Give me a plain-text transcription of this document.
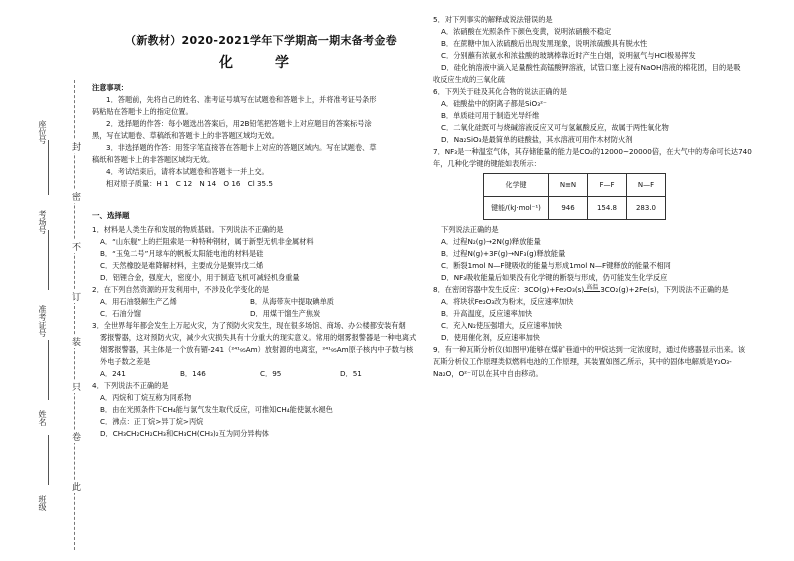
封
密
不
订
装
只
卷
此
座位号
考场号
准考证号
姓名
班级
（新教材）2020-2021学年下学期高一期末备考金卷
化　学

注意事项：

1．答题前，先将自己的姓名、准考证号填写在试题卷和答题卡上，并将准考证号条形

码粘贴在答题卡上的指定位置。

2．选择题的作答：每小题选出答案后，用2B铅笔把答题卡上对应题目的答案标号涂

黑，写在试题卷、草稿纸和答题卡上的非答题区域均无效。

3．非选择题的作答：用签字笔直接答在答题卡上对应的答题区域内。写在试题卷、草

稿纸和答题卡上的非答题区域均无效。

4．考试结束后，请将本试题卷和答题卡一并上交。

相对原子质量：H 1　C 12　N 14　O 16　Cl 35.5

一、选择题

1．材料是人类生存和发展的物质基础。下列说法不正确的是

A．“山东舰”上的拦阻索是一种特种钢材，属于新型无机非金属材料

B．“玉兔二号”月球车的帆板太阳能电池的材料是硅

C．天然橡胶是难降解材料，主要成分是聚异戊二烯

D．铝锂合金，强度大，密度小，用于制造飞机可减轻机身重量

2．在下列自然资源的开发利用中，不涉及化学变化的是

A．用石油裂解生产乙烯	B．从海带灰中提取碘单质
C．石油分馏	D．用煤干馏生产焦炭

3．全世界每年都会发生上万起火灾，为了预防火灾发生，现在很多场馆、商场、办公楼都安装有烟

雾报警器，这对预防火灾，减少火灾损失具有十分重大的现实意义。常用的烟雾报警器是一种电离式

烟雾报警器，其主体是一个放有镅-241（²⁴¹₉₅Am）放射源的电离室，²⁴¹₉₅Am原子核内中子数与核

外电子数之差是

A．241	B．146	C．95	D．51

4．下列说法不正确的是

A．丙烷和丁烷互称为同系物

B．由在光照条件下CH₄能与氯气发生取代反应，可推知CH₄能使氯水褪色

C．沸点：正丁烷>异丁烷>丙烷

D．CH₃CH₂CH₂CH₃和CH₃CH(CH₃)₂互为同分异构体

5．对下列事实的解释或说法错误的是

A．浓硝酸在光照条件下颜色变黄，说明浓硝酸不稳定

B．在蔗糖中加入浓硫酸后出现发黑现象，说明浓硫酸具有脱水性

C．分别蘸有浓氨水和浓盐酸的玻璃棒靠近时产生白烟，说明氨气与HCl极易挥发

D．硅化钠溶液中滴入足量酸性高锰酸钾溶液，试管口塞上浸有NaOH溶液的棉花团，目的是吸

收反应生成的三氧化硫

6．下列关于硅及其化合物的说法正确的是

A．硅酸盐中的阴离子都是SiO₃²⁻

B．单质硅可用于制造光导纤维

C．二氧化硅既可与烧碱溶液反应又可与氢氟酸反应，故属于两性氧化物

D．Na₂SiO₃是最简单的硅酸盐，其水溶液可用作木材防火剂

7．NF₃是一种温室气体，其存储能量的能力是CO₂的12000~20000倍，在大气中的寿命可长达740

年，几种化学键的键能如表所示：

化学键	N≡N	F—F	N—F
键能/(kJ·mol⁻¹)	946	154.8	283.0

下列说法正确的是

A．过程N₂(g)→2N(g)释放能量

B．过程N(g)+3F(g)→NF₃(g)释放能量

C．断裂1mol N—F键吸收的能量与形成1mol N—F键释放的能量不相同

D．NF₃吸收能量后如果没有化学键的断裂与形成，仍可能发生化学反应

8．在密闭容器中发生反应：3CO(g)+Fe₂O₃(s) 高温 3CO₂(g)+2Fe(s)，下列说法不正确的是

A．将块状Fe₂O₃改为粉末，反应速率加快

B．升高温度，反应速率加快

C．充入N₂使压强增大，反应速率加快

D．使用催化剂，反应速率加快

9．有一种瓦斯分析仪(如图甲)能够在煤矿巷道中的甲烷达到一定浓度时，通过传感器显示出来。该

瓦斯分析仪工作原理类似燃料电池的工作原理，其装置如图乙所示，其中的固体电解质是Y₂O₃-

Na₂O，O²⁻可以在其中自由移动。
